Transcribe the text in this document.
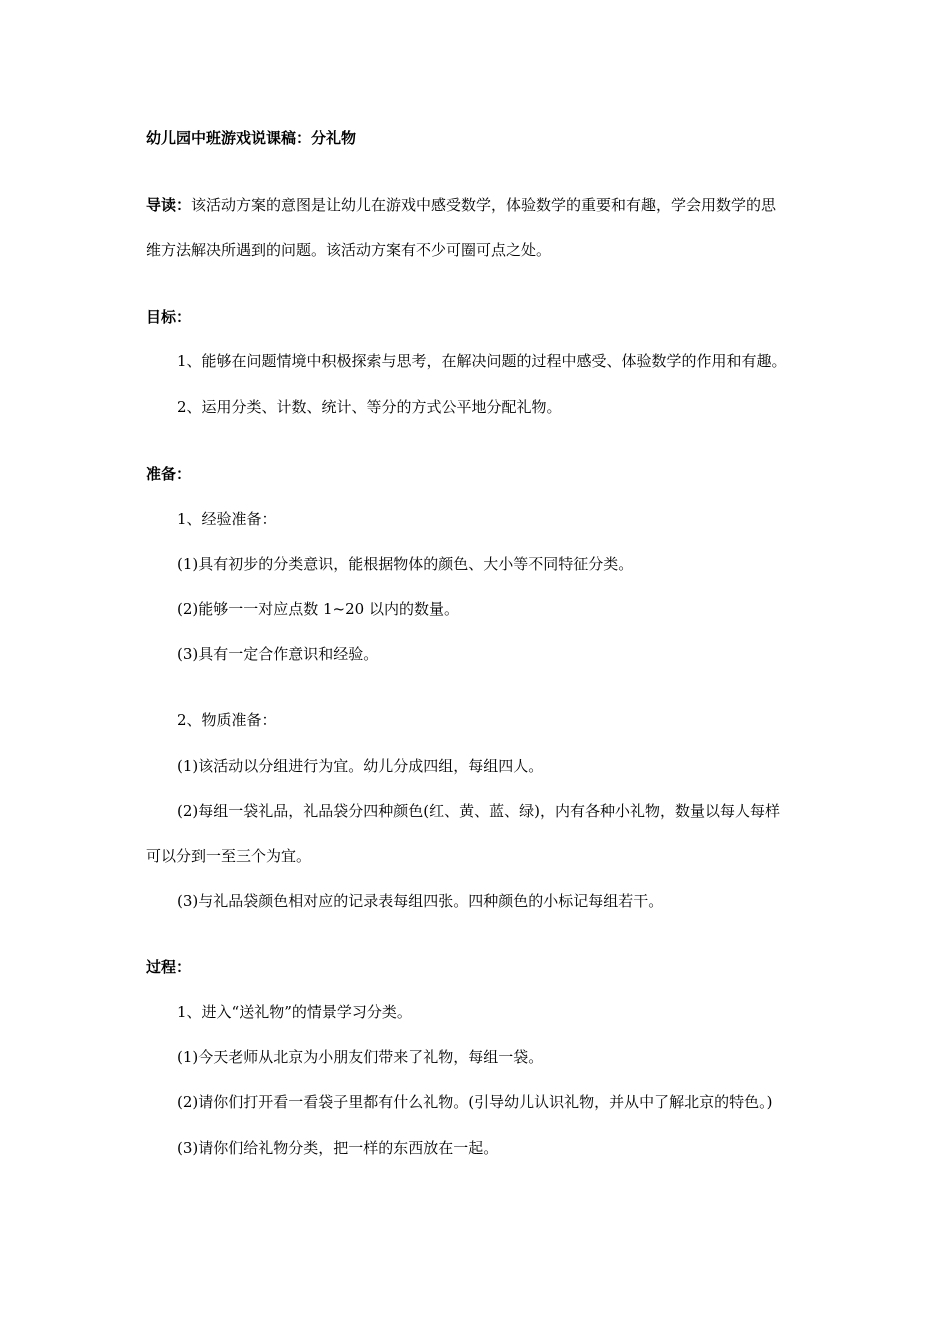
幼儿园中班游戏说课稿：分礼物
导读：该活动方案的意图是让幼儿在游戏中感受数学，体验数学的重要和有趣，学会用数学的思
维方法解决所遇到的问题。该活动方案有不少可圈可点之处。
目标：
1、能够在问题情境中积极探索与思考，在解决问题的过程中感受、体验数学的作用和有趣。
2、运用分类、计数、统计、等分的方式公平地分配礼物。
准备：
1、经验准备：
(1)具有初步的分类意识，能根据物体的颜色、大小等不同特征分类。
(2)能够一一对应点数 1~20 以内的数量。
(3)具有一定合作意识和经验。
2、物质准备：
(1)该活动以分组进行为宜。幼儿分成四组，每组四人。
(2)每组一袋礼品，礼品袋分四种颜色(红、黄、蓝、绿)，内有各种小礼物，数量以每人每样
可以分到一至三个为宜。
(3)与礼品袋颜色相对应的记录表每组四张。四种颜色的小标记每组若干。
过程：
1、进入“送礼物”的情景学习分类。
(1)今天老师从北京为小朋友们带来了礼物，每组一袋。
(2)请你们打开看一看袋子里都有什么礼物。(引导幼儿认识礼物，并从中了解北京的特色。)
(3)请你们给礼物分类，把一样的东西放在一起。
